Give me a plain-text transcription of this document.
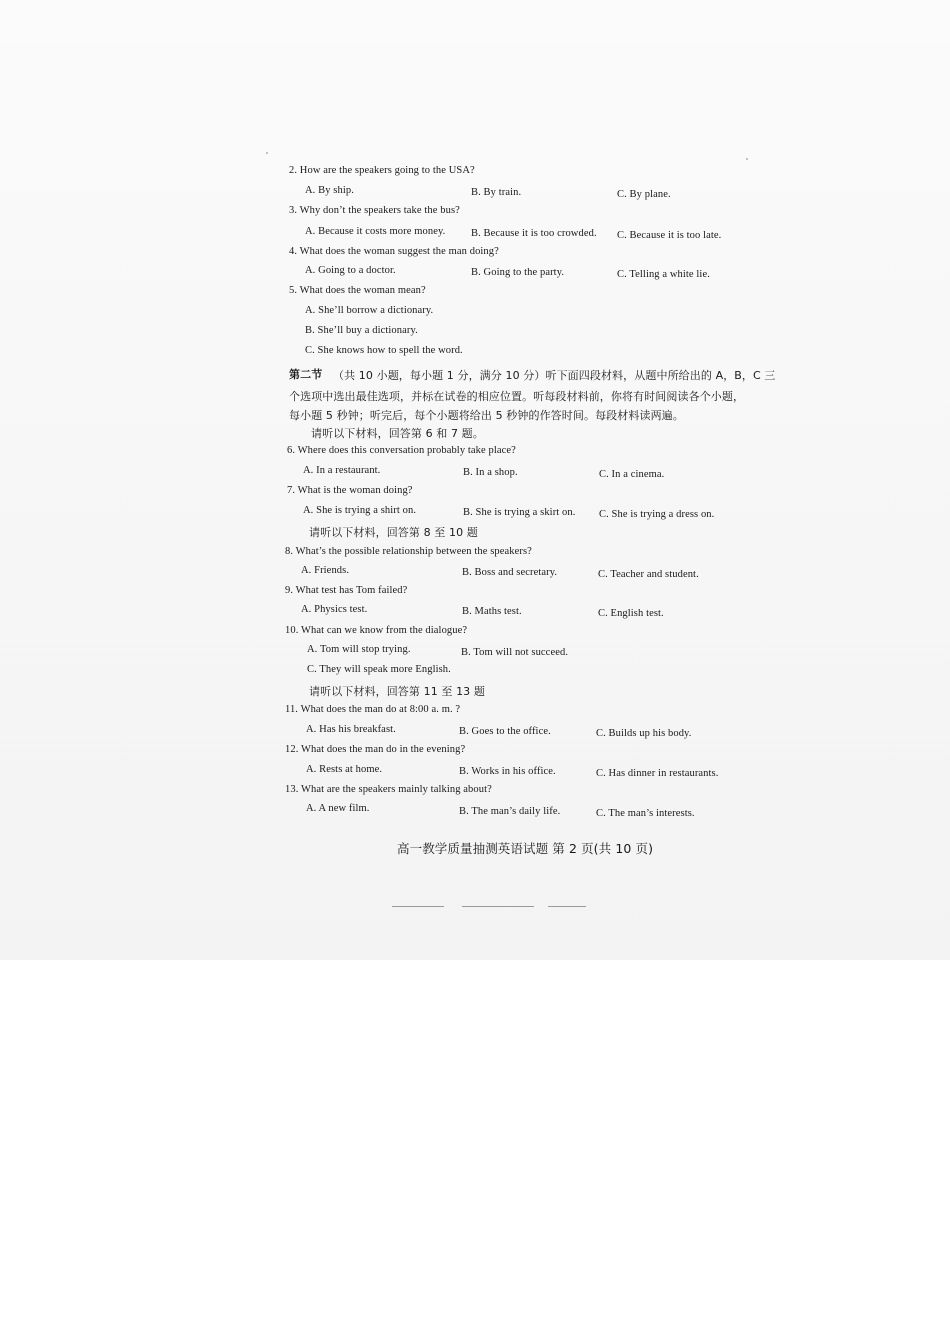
2. How are the speakers going to the USA?
A. By ship.	B. By train.	C. By plane.
3. Why don’t the speakers take the bus?
A. Because it costs more money. B. Because it is too crowded. C. Because it is too late.
4. What does the woman suggest the man doing?
A. Going to a doctor.	B. Going to the party.	C. Telling a white lie.
5. What does the woman mean?
A. She’ll borrow a dictionary.
B. She’ll buy a dictionary.
C. She knows how to spell the word.
第二节 （共 10 小题，每小题 1 分，满分 10 分）听下面四段材料，从题中所给出的 A，B，C 三
个选项中选出最佳选项，并标在试卷的相应位置。听每段材料前，你将有时间阅读各个小题，
每小题 5 秒钟；听完后，每个小题将给出 5 秒钟的作答时间。每段材料读两遍。
请听以下材料，回答第 6 和 7 题。
6. Where does this conversation probably take place?
A. In a restaurant.	B. In a shop.	C. In a cinema.
7. What is the woman doing?
A. She is trying a shirt on.	B. She is trying a skirt on. C. She is trying a dress on.
请听以下材料，回答第 8 至 10 题
8. What’s the possible relationship between the speakers?
A. Friends.	B. Boss and secretary.	C. Teacher and student.
9. What test has Tom failed?
A. Physics test.	B. Maths test.	C. English test.
10. What can we know from the dialogue?
A. Tom will stop trying.	B. Tom will not succeed.
C. They will speak more English.
请听以下材料，回答第 11 至 13 题
11. What does the man do at 8:00 a. m. ?
A. Has his breakfast.	B. Goes to the office.	C. Builds up his body.
12. What does the man do in the evening?
A. Rests at home.	B. Works in his office.	C. Has dinner in restaurants.
13. What are the speakers mainly talking about?
A. A new film.	B. The man’s daily life.	C. The man’s interests.
高一教学质量抽测英语试题 第 2 页(共 10 页)
